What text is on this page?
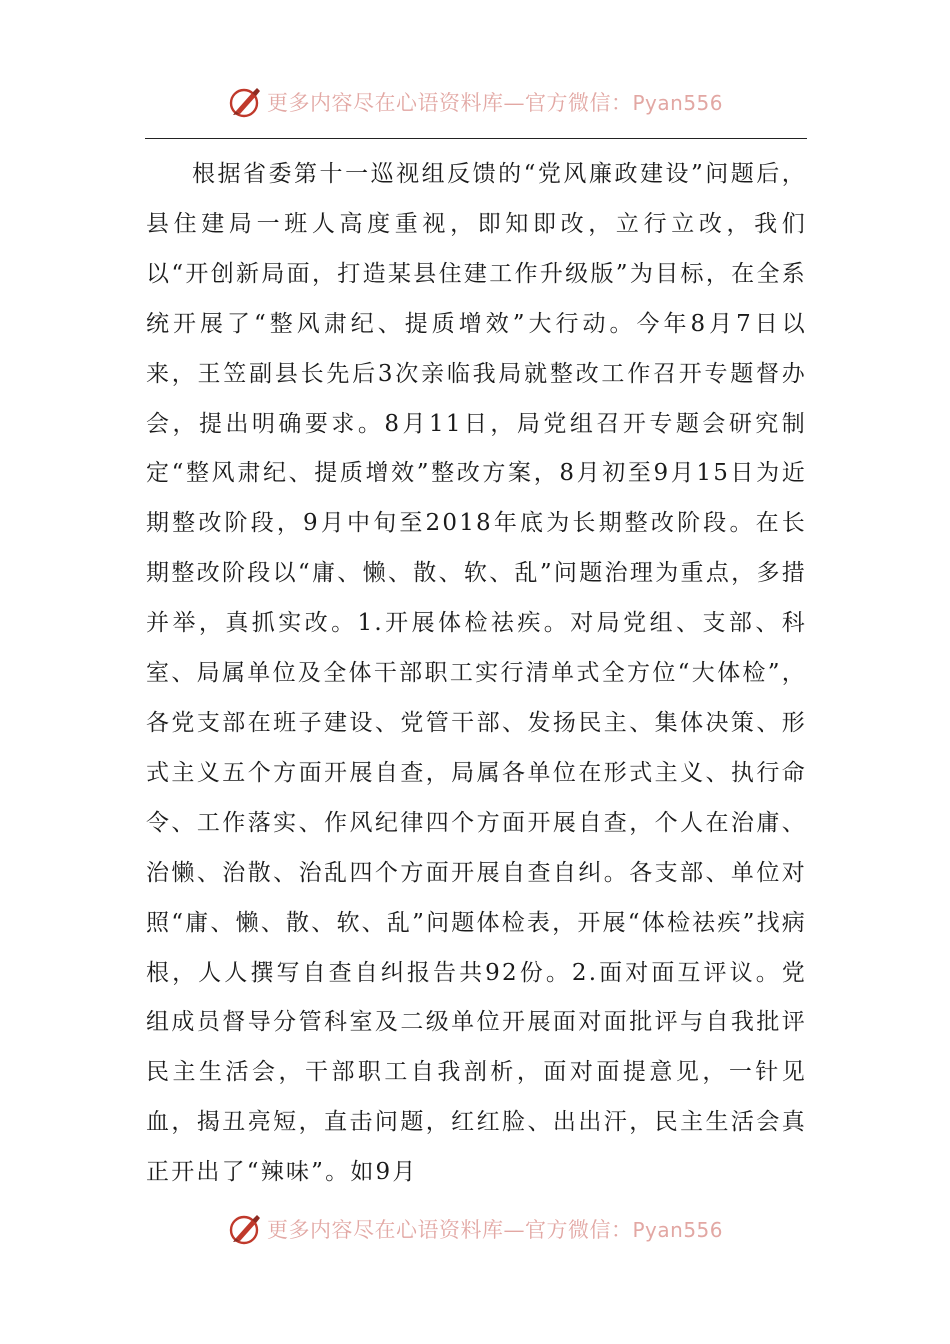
更多内容尽在心语资料库—官方微信：Pyan556

根据省委第十一巡视组反馈的“党风廉政建设”问题后，县住建局一班人高度重视，即知即改，立行立改，我们以“开创新局面，打造某县住建工作升级版”为目标，在全系统开展了“整风肃纪、提质增效”大行动。今年8月7日以来，王笠副县长先后3次亲临我局就整改工作召开专题督办会，提出明确要求。8月11日，局党组召开专题会研究制定“整风肃纪、提质增效”整改方案，8月初至9月15日为近期整改阶段，9月中旬至2018年底为长期整改阶段。在长期整改阶段以“庸、懒、散、软、乱”问题治理为重点，多措并举，真抓实改。1.开展体检祛疾。对局党组、支部、科室、局属单位及全体干部职工实行清单式全方位“大体检”，各党支部在班子建设、党管干部、发扬民主、集体决策、形式主义五个方面开展自查，局属各单位在形式主义、执行命令、工作落实、作风纪律四个方面开展自查，个人在治庸、治懒、治散、治乱四个方面开展自查自纠。各支部、单位对照“庸、懒、散、软、乱”问题体检表，开展“体检祛疾”找病根，人人撰写自查自纠报告共92份。2.面对面互评议。党组成员督导分管科室及二级单位开展面对面批评与自我批评民主生活会，干部职工自我剖析，面对面提意见，一针见血，揭丑亮短，直击问题，红红脸、出出汗，民主生活会真正开出了“辣味”。如9月

更多内容尽在心语资料库—官方微信：Pyan556
